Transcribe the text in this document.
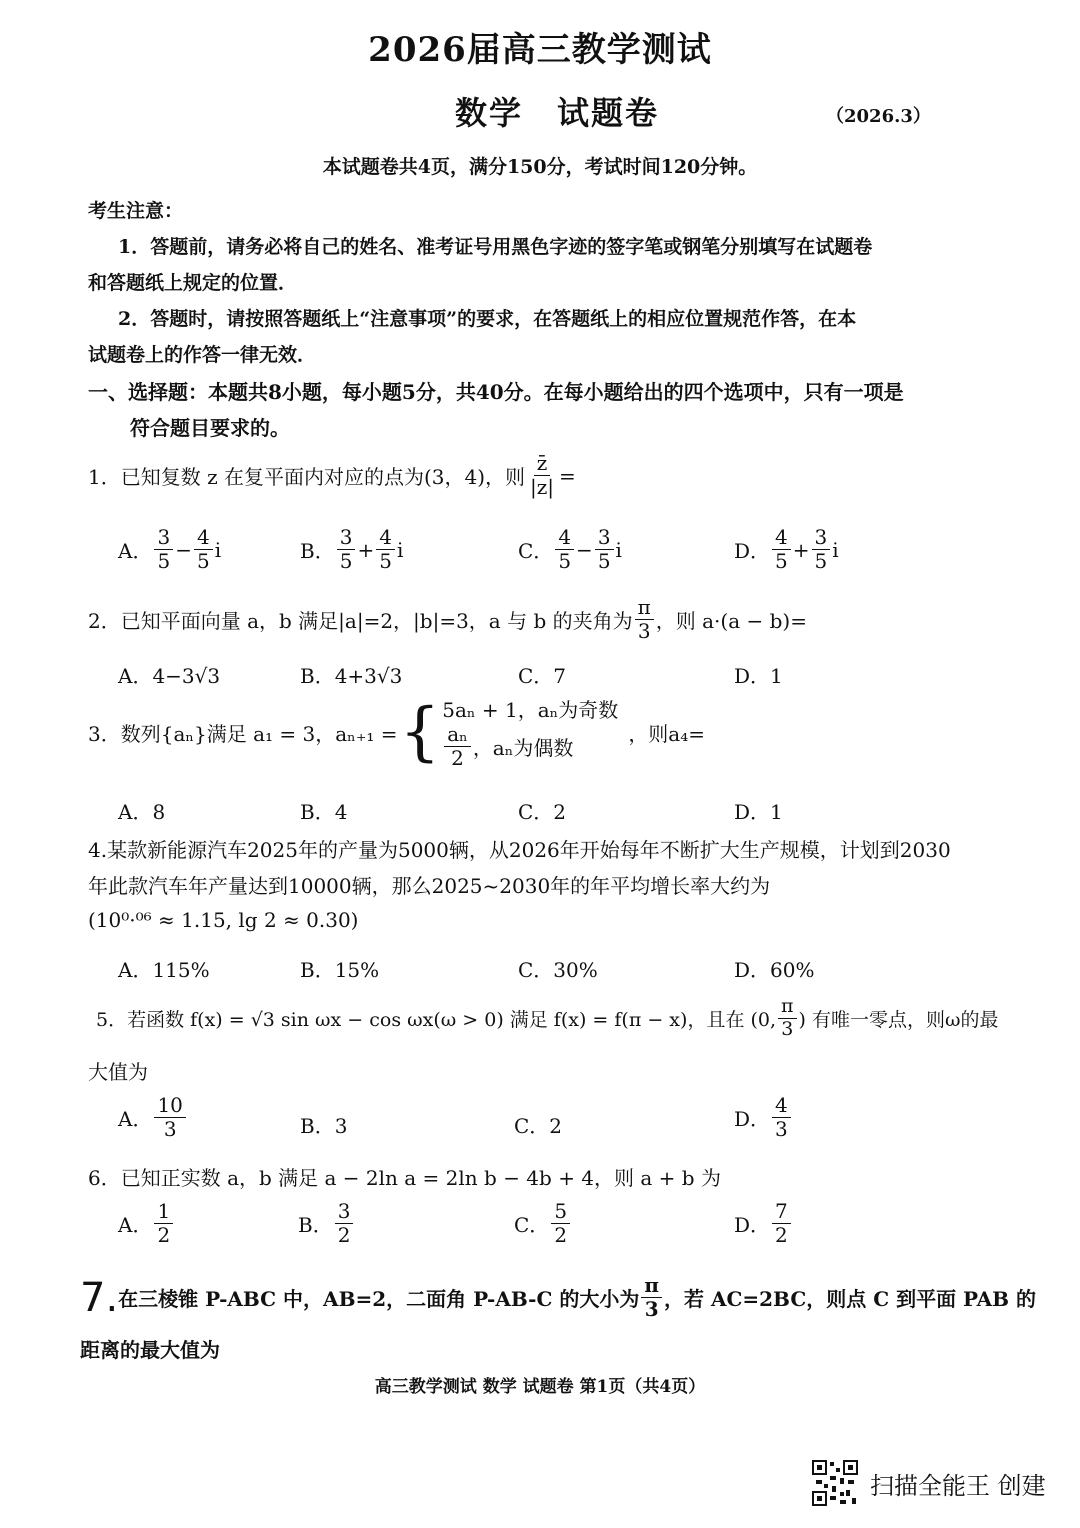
2026届高三教学测试
数学　试题卷	（2026.3）
本试题卷共4页，满分150分，考试时间120分钟。
考生注意：
1．答题前，请务必将自己的姓名、准考证号用黑色字迹的签字笔或钢笔分别填写在试题卷
和答题纸上规定的位置．
2．答题时，请按照答题纸上“注意事项”的要求，在答题纸上的相应位置规范作答，在本
试题卷上的作答一律无效．
一、选择题：本题共8小题，每小题5分，共40分。在每小题给出的四个选项中，只有一项是
符合题目要求的。
1．已知复数 z 在复平面内对应的点为(3，4)，则 $\frac{z̄}{|z|}$ =
A． $\frac{3}{5} - \frac{4}{5}$ i	B． $\frac{3}{5} + \frac{4}{5}$ i	C． $\frac{4}{5} - \frac{3}{5}$ i	D． $\frac{4}{5} + \frac{3}{5}$ i
2．已知平面向量 a，b 满足|a|=2，|b|=3，a 与 b 的夹角为 $\frac{\pi}{3}$ ，则 a·(a − b)=
A．4−3√3	B．4+3√3	C．7	D．1
3．数列{aₙ}满足 a₁ = 3，aₙ₊₁ = { 5aₙ + 1，aₙ为奇数
$\frac{\text{aₙ}}{2}$ ，aₙ为偶数
，则a₄=
A．8	B．4	C．2	D．1
4.某款新能源汽车2025年的产量为5000辆，从2026年开始每年不断扩大生产规模，计划到2030
年此款汽车年产量达到10000辆，那么2025~2030年的年平均增长率大约为
(10⁰·⁰⁶ ≈ 1.15, lg 2 ≈ 0.30)
A．115%	B．15%	C．30%	D．60%
5．若函数 f(x) = √3 sin ωx − cos ωx(ω > 0) 满足 f(x) = f(π − x)，且在 (0, $\frac{\pi}{3}$ ) 有唯一零点，则ω的最
大值为
A． $\frac{10}{3}$	B．3	C．2	D． $\frac{4}{3}$
6．已知正实数 a，b 满足 a − 2ln a = 2ln b − 4b + 4，则 a + b 为
A． $\frac{1}{2}$	B． $\frac{3}{2}$	C． $\frac{5}{2}$	D． $\frac{7}{2}$
7. 在三棱锥 P-ABC 中，AB=2，二面角 P-AB-C 的大小为 $\frac{\pi}{3}$ ，若 AC=2BC，则点 C 到平面 PAB 的
距离的最大值为
高三教学测试 数学 试题卷 第1页（共4页）
扫描全能王 创建
